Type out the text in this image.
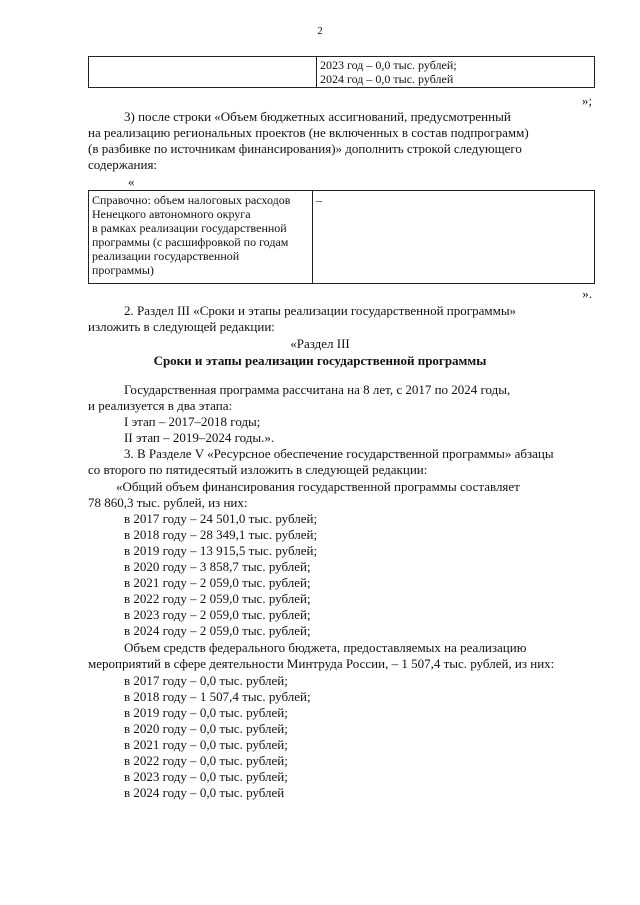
2

2023 год – 0,0 тыс. рублей;
2024 год – 0,0 тыс. рублей
»;
3) после строки «Объем бюджетных ассигнований, предусмотренный
на реализацию региональных проектов (не включенных в состав подпрограмм)
(в разбивке по источникам финансирования)» дополнить строкой следующего
содержания:
«
Справочно: объем налоговых расходов
Ненецкого автономного округа
в рамках реализации государственной
программы (с расшифровкой по годам
реализации государственной
программы)
	–
».
2. Раздел III «Сроки и этапы реализации государственной программы»
изложить в следующей редакции:
«Раздел III
Сроки и этапы реализации государственной программы
Государственная программа рассчитана на 8 лет, с 2017 по 2024 годы,
и реализуется в два этапа:
I этап – 2017–2018 годы;
II этап – 2019–2024 годы.».
3. В Разделе V «Ресурсное обеспечение государственной программы» абзацы
со второго по пятидесятый изложить в следующей редакции:
«Общий объем финансирования государственной программы составляет
78 860,3 тыс. рублей, из них:
в 2017 году – 24 501,0 тыс. рублей;
в 2018 году – 28 349,1 тыс. рублей;
в 2019 году – 13 915,5 тыс. рублей;
в 2020 году – 3 858,7 тыс. рублей;
в 2021 году – 2 059,0 тыс. рублей;
в 2022 году – 2 059,0 тыс. рублей;
в 2023 году – 2 059,0 тыс. рублей;
в 2024 году – 2 059,0 тыс. рублей;
Объем средств федерального бюджета, предоставляемых на реализацию
мероприятий в сфере деятельности Минтруда России, – 1 507,4 тыс. рублей, из них:
в 2017 году – 0,0 тыс. рублей;
в 2018 году – 1 507,4 тыс. рублей;
в 2019 году – 0,0 тыс. рублей;
в 2020 году – 0,0 тыс. рублей;
в 2021 году – 0,0 тыс. рублей;
в 2022 году – 0,0 тыс. рублей;
в 2023 году – 0,0 тыс. рублей;
в 2024 году – 0,0 тыс. рублей
